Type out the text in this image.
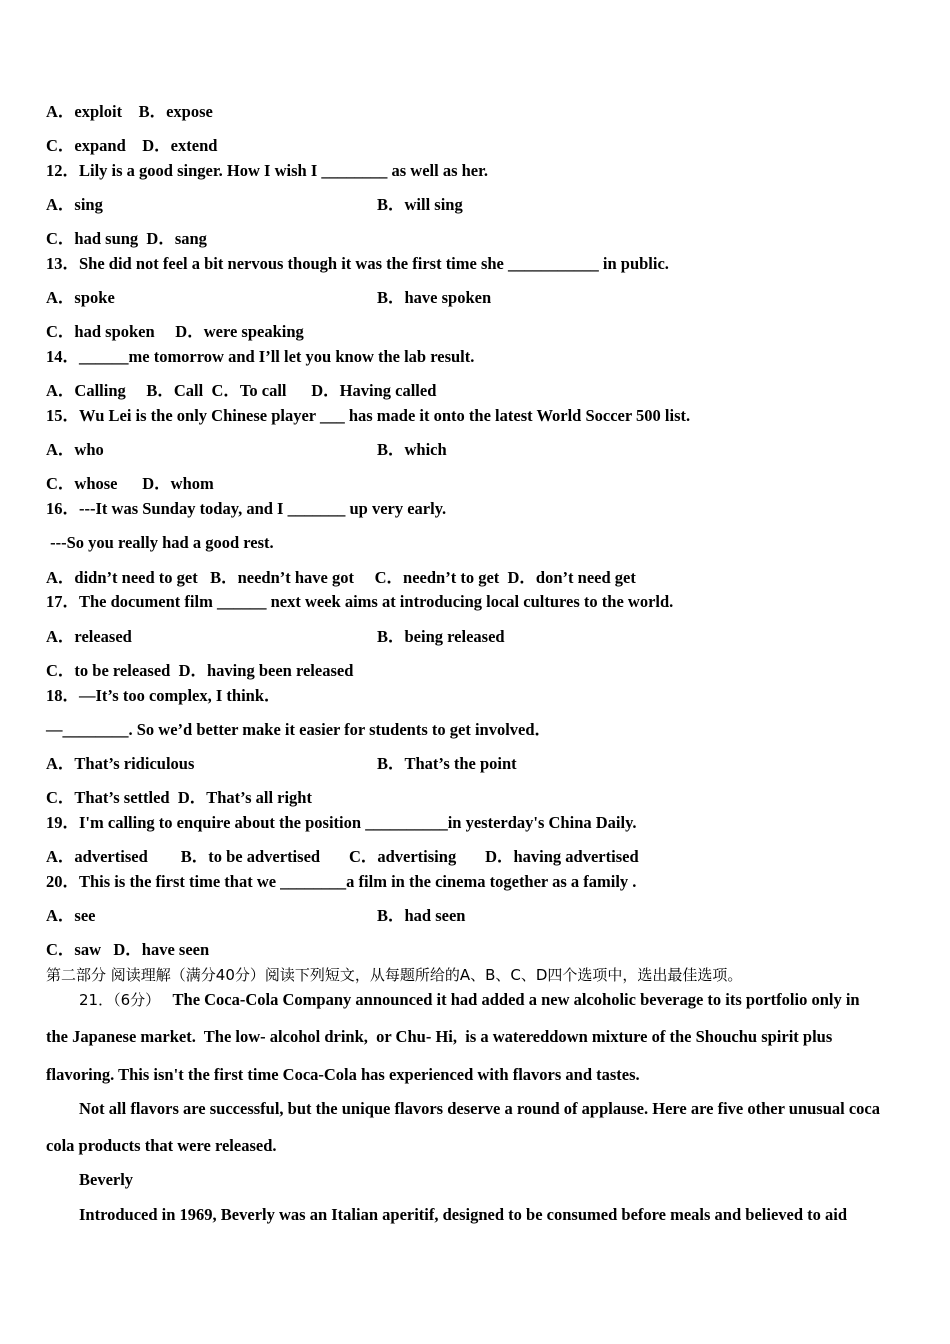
A．exploit    B．expose
C．expand    D．extend
12．Lily is a good singer. How I wish I ________ as well as her.
A．sing	B．will sing
C．had sung  D．sang
13．She did not feel a bit nervous though it was the first time she ___________ in public.
A．spoke	B．have spoken
C．had spoken     D．were speaking
14．______me tomorrow and I’ll let you know the lab result.
A．Calling     B．Call  C．To call      D．Having called
15．Wu Lei is the only Chinese player ___ has made it onto the latest World Soccer 500 list.
A．who	B．which
C．whose      D．whom
16．---It was Sunday today, and I _______ up very early.
---So you really had a good rest.
A．didn’t need to get   B．needn’t have got     C．needn’t to get  D．don’t need get
17．The document film ______ next week aims at introducing local cultures to the world.
A．released	B．being released
C．to be released  D．having been released
18．—It’s too complex, I think．
—________. So we’d better make it easier for students to get involved．
A．That’s ridiculous	B．That’s the point
C．That’s settled  D．That’s all right
19．I'm calling to enquire about the position __________in yesterday's China Daily.
A．advertised        B．to be advertised       C．advertising       D．having advertised
20．This is the first time that we ________a film in the cinema together as a family .
A．see	B．had seen
C．saw   D．have seen
第二部分 阅读理解（满分40分）阅读下列短文，从每题所给的A、B、C、D四个选项中，选出最佳选项。
21．（6分） The Coca-Cola Company announced it had added a new alcoholic beverage to its portfolio only in
the Japanese market.  The low- alcohol drink,  or Chu- Hi,  is a watereddown mixture of the Shouchu spirit plus
flavoring. This isn't the first time Coca-Cola has experienced with flavors and tastes.
Not all flavors are successful, but the unique flavors deserve a round of applause. Here are five other unusual coca
cola products that were released.
Beverly
Introduced in 1969, Beverly was an Italian aperitif, designed to be consumed before meals and believed to aid
